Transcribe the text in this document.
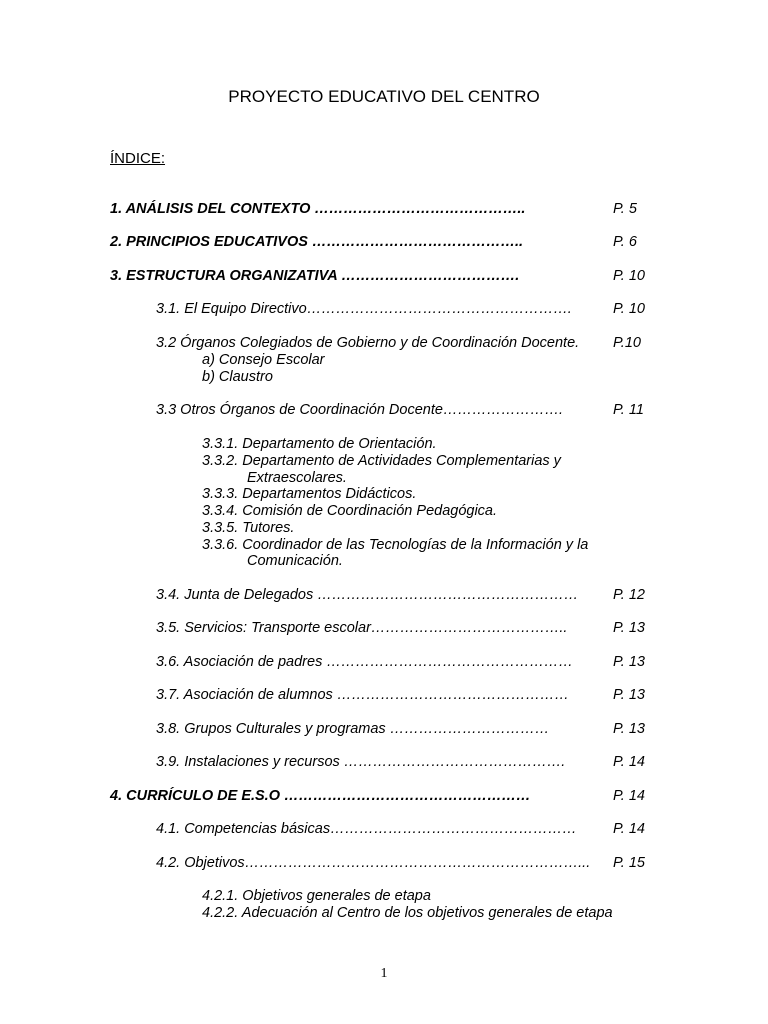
PROYECTO EDUCATIVO DEL CENTRO
ÍNDICE:
1. ANÁLISIS DEL CONTEXTO ……………………………………..	P. 5
2. PRINCIPIOS EDUCATIVOS ……………………………………..	P. 6
3. ESTRUCTURA ORGANIZATIVA ……………………………….	P. 10
3.1. El Equipo Directivo……………………………………………….	P. 10
3.2 Órganos Colegiados de Gobierno y de Coordinación Docente. P.10
a) Consejo Escolar
b) Claustro
3.3 Otros Órganos de Coordinación Docente…………………….	P. 11
3.3.1. Departamento de Orientación.
3.3.2. Departamento de Actividades Complementarias y
Extraescolares.
3.3.3. Departamentos Didácticos.
3.3.4. Comisión de Coordinación Pedagógica.
3.3.5. Tutores.
3.3.6. Coordinador de las Tecnologías de la Información y la
Comunicación.
3.4. Junta de Delegados ……………………………………………… P. 12
3.5. Servicios: Transporte escolar…………………………………..	P. 13
3.6. Asociación de padres ……………………………………………	P. 13
3.7. Asociación de alumnos …………………………………………	P. 13
3.8. Grupos Culturales y programas ……………………………	P. 13
3.9. Instalaciones y recursos ……………………………………….	P. 14
4. CURRÍCULO DE E.S.O ……………………………………………	P. 14
4.1. Competencias básicas……………………………………………	P. 14
4.2. Objetivos……………………………………………………………... P. 15
4.2.1. Objetivos generales de etapa
4.2.2. Adecuación al Centro de los objetivos generales de etapa
1
